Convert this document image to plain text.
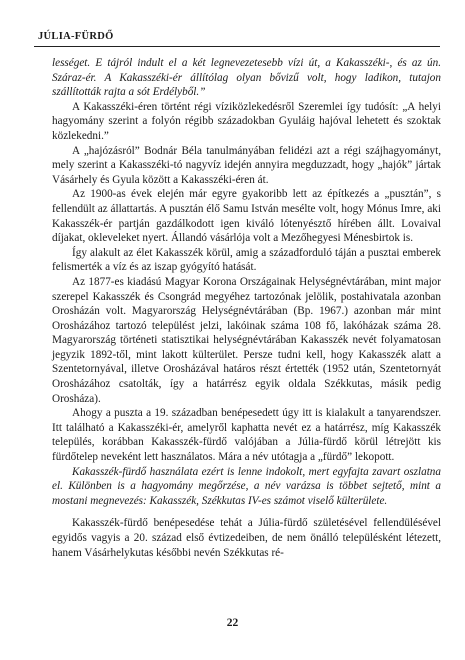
JÚLIA-FÜRDŐ

lességet. E tájról indult el a két legnevezetesebb vízi út, a Kakasszéki-, és az ún. Száraz-ér. A Kakasszéki-ér állítólag olyan bővizű volt, hogy ladikon, tutajon szállították rajta a sót Erdélyből.”

A Kakasszéki-éren történt régi víziközlekedésről Szeremlei így tudósít: „A helyi hagyomány szerint a folyón régibb századokban Gyuláig hajóval lehetett és szoktak közlekedni.”

A „hajózásról” Bodnár Béla tanulmányában felidézi azt a régi szájhagyományt, mely szerint a Kakasszéki-tó nagyvíz idején annyira megduzzadt, hogy „hajók” jártak Vásárhely és Gyula között a Kakasszéki-éren át.

Az 1900-as évek elején már egyre gyakoribb lett az építkezés a „pusztán”, s fellendült az állattartás. A pusztán élő Samu István mesélte volt, hogy Mónus Imre, aki Kakasszék-ér partján gazdálkodott igen kiváló lótenyésztő hírében állt. Lovaival díjakat, okleveleket nyert. Állandó vásárlója volt a Mezőhegyesi Ménesbirtok is.

Így alakult az élet Kakasszék körül, amig a századforduló táján a pusztai emberek felismerték a víz és az iszap gyógyító hatását.

Az 1877-es kiadású Magyar Korona Országainak Helységnévtárában, mint major szerepel Kakasszék és Csongrád megyéhez tartozónak jelölik, postahivatala azonban Orosházán volt. Magyarország Helységnévtárában (Bp. 1967.) azonban már mint Orosházához tartozó települést jelzi, lakóinak száma 108 fő, lakóházak száma 28. Magyarország történeti statisztikai helységnévtárában Kakasszék nevét folyamatosan jegyzik 1892-től, mint lakott külterület. Persze tudni kell, hogy Kakasszék alatt a Szentetornyával, illetve Orosházával határos részt értették (1952 után, Szentetornyát Orosházához csatolták, így a határrész egyik oldala Székkutas, másik pedig Orosháza).

Ahogy a puszta a 19. században benépesedett úgy itt is kialakult a tanyarendszer. Itt található a Kakasszéki-ér, amelyről kaphatta nevét ez a határrész, míg Kakasszék település, korábban Kakasszék-fürdő valójában a Júlia-fürdő körül létrejött kis fürdőtelep neveként lett használatos. Mára a név utótagja a „fürdő” lekopott.

Kakasszék-fürdő használata ezért is lenne indokolt, mert egyfajta zavart oszlatna el. Különben is a hagyomány megőrzése, a név varázsa is többet sejtető, mint a mostani megnevezés: Kakasszék, Székkutas IV-es számot viselő külterülete.

Kakasszék-fürdő benépesedése tehát a Júlia-fürdő születésével fellendülésével egyidős vagyis a 20. század első évtizedeiben, de nem önálló településként létezett, hanem Vásárhelykutas későbbi nevén Székkutas ré-

22
